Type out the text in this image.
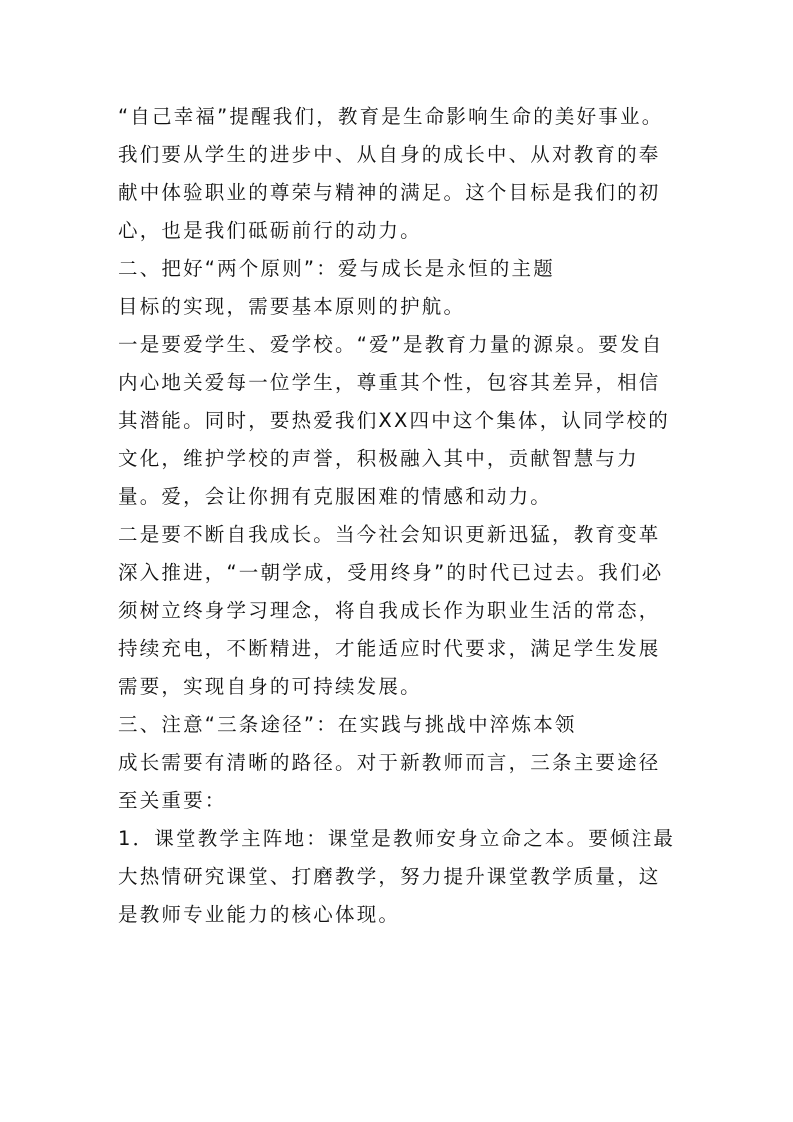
“自己幸福”提醒我们，教育是生命影响生命的美好事业。我们要从学生的进步中、从自身的成长中、从对教育的奉献中体验职业的尊荣与精神的满足。这个目标是我们的初心，也是我们砥砺前行的动力。

二、把好“两个原则”：爱与成长是永恒的主题

目标的实现，需要基本原则的护航。

一是要爱学生、爱学校。“爱”是教育力量的源泉。要发自内心地关爱每一位学生，尊重其个性，包容其差异，相信其潜能。同时，要热爱我们XX四中这个集体，认同学校的文化，维护学校的声誉，积极融入其中，贡献智慧与力量。爱，会让你拥有克服困难的情感和动力。

二是要不断自我成长。当今社会知识更新迅猛，教育变革深入推进，“一朝学成，受用终身”的时代已过去。我们必须树立终身学习理念，将自我成长作为职业生活的常态，持续充电，不断精进，才能适应时代要求，满足学生发展需要，实现自身的可持续发展。

三、注意“三条途径”：在实践与挑战中淬炼本领

成长需要有清晰的路径。对于新教师而言，三条主要途径至关重要：

1．课堂教学主阵地：课堂是教师安身立命之本。要倾注最大热情研究课堂、打磨教学，努力提升课堂教学质量，这是教师专业能力的核心体现。
